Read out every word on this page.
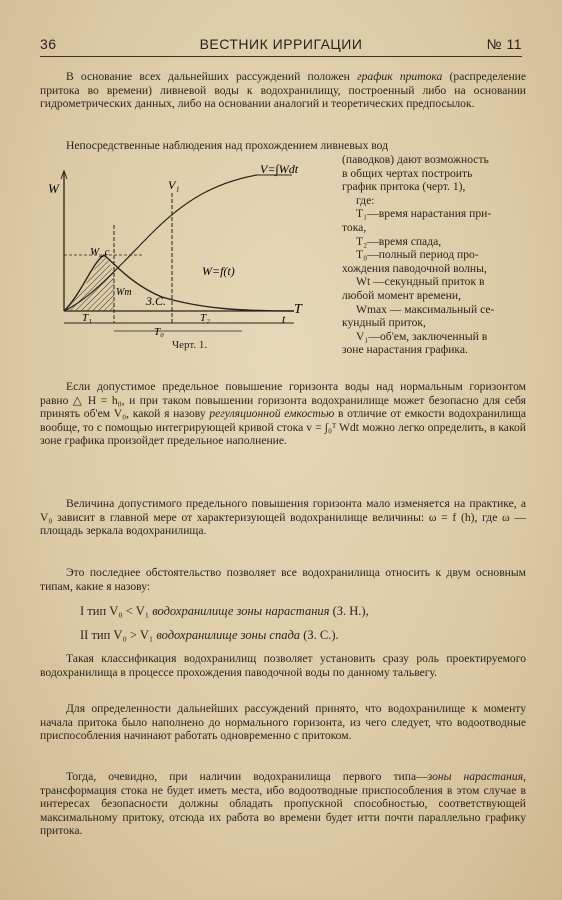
36	ВЕСТНИК ИРРИГАЦИИ	№ 11

В основание всех дальнейших рассуждений положен график притока (распределение притока во времени) ливневой воды к водохранилищу, построенный либо на основании гидрометрических данных, либо на основании аналогий и теоретических предпосылок.

Непосредственные наблюдения над прохождением ливневых вод

W
t
V=∫Wdt
V₁
W_c
Wm
W=f(t)
3.С.
T
T₁	T₂
T₀
Черт. 1.
(паводков) дают возможность
в общих чертах построить
график притока (черт. 1),
где:
T₁—время нарастания при-
тока,
T₂—время спада,
T₀—полный период про-
хождения паводочной волны,
Wt —секундный приток в
любой момент времени,
Wmax — максимальный се-
кундный приток,
V₁—об'ем, заключенный в
зоне нарастания графика.

Если допустимое предельное повышение горизонта воды над нормальным горизонтом равно △ H = h₀, и при таком повышении горизонта водохранилище может безопасно для себя принять об'ем V₀, какой я назову регуляционной емкостью в отличие от емкости водохранилища вообще, то с помощью интегрирующей кривой стока v = ∫₀ᵀ Wdt можно легко определить, в какой зоне графика произойдет предельное наполнение.

Величина допустимого предельного повышения горизонта мало изменяется на практике, а V₀ зависит в главной мере от характеризующей водохранилище величины: ω = f (h), где ω — площадь зеркала водохранилища.

Это последнее обстоятельство позволяет все водохранилища относить к двум основным типам, какие я назову:

I тип V₀ < V₁ водохранилище зоны нарастания (З. Н.),
II тип V₀ > V₁ водохранилище зоны спада (З. С.).

Такая классификация водохранилищ позволяет установить сразу роль проектируемого водохранилища в процессе прохождения паводочной воды по данному тальвегу.

Для определенности дальнейших рассуждений принято, что водохранилище к моменту начала притока было наполнено до нормального горизонта, из чего следует, что водоотводные приспособления начинают работать одновременно с притоком.

Тогда, очевидно, при наличии водохранилища первого типа—зоны нарастания, трансформация стока не будет иметь места, ибо водоотводные приспособления в этом случае в интересах безопасности должны обладать пропускной способностью, соответствующей максимальному притоку, отсюда их работа во времени будет итти почти параллельно графику притока.
